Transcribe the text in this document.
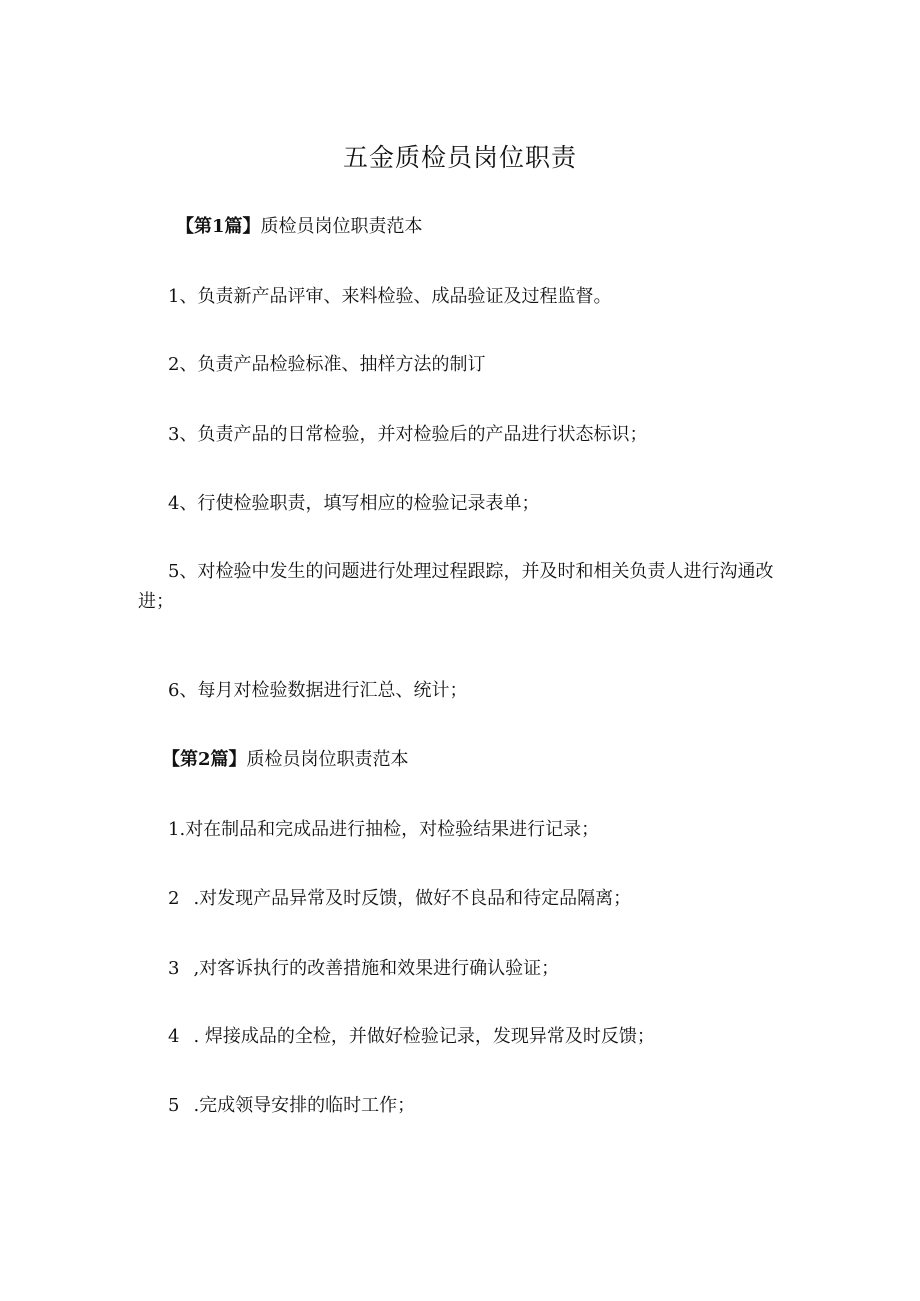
五金质检员岗位职责
【第1篇】质检员岗位职责范本
1、负责新产品评审、来料检验、成品验证及过程监督。
2、负责产品检验标准、抽样方法的制订
3、负责产品的日常检验，并对检验后的产品进行状态标识；
4、行使检验职责，填写相应的检验记录表单；
5、对检验中发生的问题进行处理过程跟踪，并及时和相关负责人进行沟通改进；
6、每月对检验数据进行汇总、统计；
【第2篇】质检员岗位职责范本
1.对在制品和完成品进行抽检，对检验结果进行记录；
2 .对发现产品异常及时反馈，做好不良品和待定品隔离；
3 ,对客诉执行的改善措施和效果进行确认验证；
4 . 焊接成品的全检，并做好检验记录，发现异常及时反馈；
5 .完成领导安排的临时工作；
